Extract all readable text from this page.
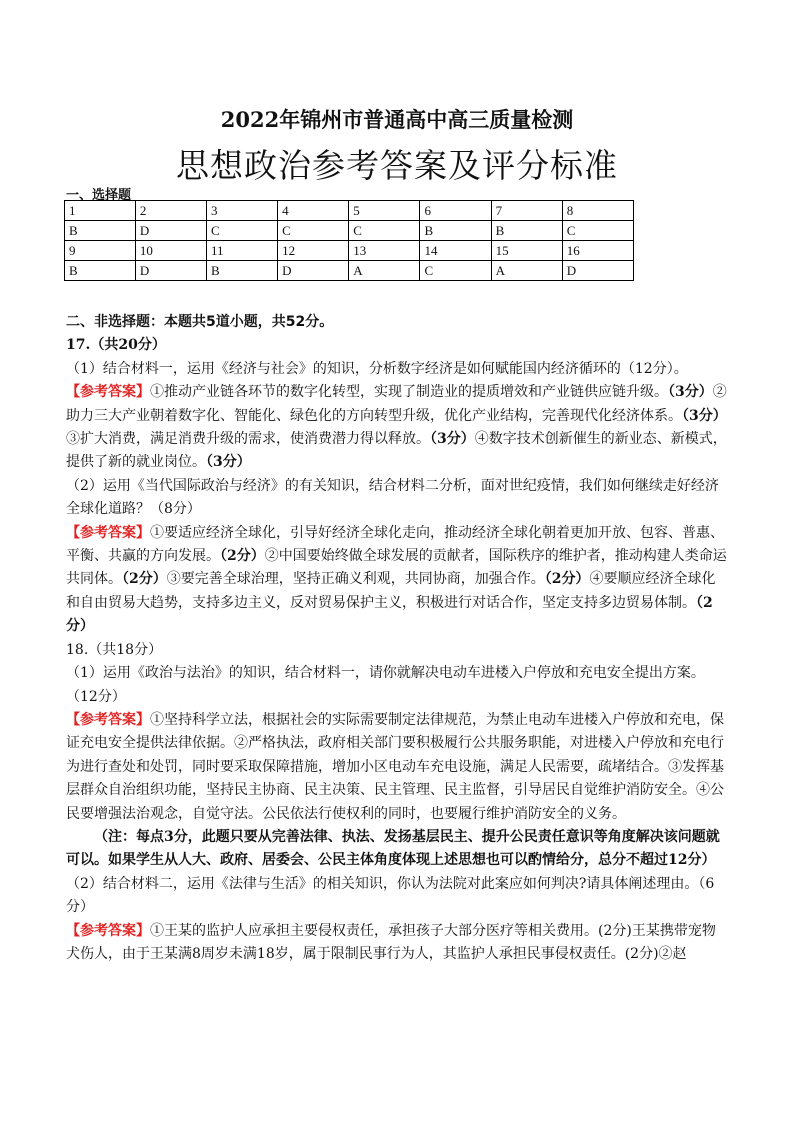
2022年锦州市普通高中高三质量检测
思想政治参考答案及评分标准
一、选择题
1	2	3	4	5	6	7	8
B	D	C	C	C	B	B	C
9	10	11	12	13	14	15	16
B	D	B	D	A	C	A	D

二、非选择题：本题共5道小题，共52分。

17.（共20分）

（1）结合材料一，运用《经济与社会》的知识，分析数字经济是如何赋能国内经济循环的（12分）。

【参考答案】①推动产业链各环节的数字化转型，实现了制造业的提质增效和产业链供应链升级。（3分）②助力三大产业朝着数字化、智能化、绿色化的方向转型升级，优化产业结构，完善现代化经济体系。（3分）③扩大消费，满足消费升级的需求，使消费潜力得以释放。（3分）④数字技术创新催生的新业态、新模式，提供了新的就业岗位。（3分）

（2）运用《当代国际政治与经济》的有关知识，结合材料二分析，面对世纪疫情，我们如何继续走好经济全球化道路？（8分）

【参考答案】①要适应经济全球化，引导好经济全球化走向，推动经济全球化朝着更加开放、包容、普惠、平衡、共赢的方向发展。（2分）②中国要始终做全球发展的贡献者，国际秩序的维护者，推动构建人类命运共同体。（2分）③要完善全球治理，坚持正确义利观，共同协商，加强合作。（2分）④要顺应经济全球化和自由贸易大趋势，支持多边主义，反对贸易保护主义，积极进行对话合作，坚定支持多边贸易体制。（2分）

18.（共18分）

（1）运用《政治与法治》的知识，结合材料一，请你就解决电动车进楼入户停放和充电安全提出方案。（12分）

【参考答案】①坚持科学立法，根据社会的实际需要制定法律规范，为禁止电动车进楼入户停放和充电，保证充电安全提供法律依据。②严格执法，政府相关部门要积极履行公共服务职能，对进楼入户停放和充电行为进行查处和处罚，同时要采取保障措施，增加小区电动车充电设施，满足人民需要，疏堵结合。③发挥基层群众自治组织功能，坚持民主协商、民主决策、民主管理、民主监督，引导居民自觉维护消防安全。④公民要增强法治观念，自觉守法。公民依法行使权利的同时，也要履行维护消防安全的义务。

（注：每点3分，此题只要从完善法律、执法、发扬基层民主、提升公民责任意识等角度解决该问题就可以。如果学生从人大、政府、居委会、公民主体角度体现上述思想也可以酌情给分，总分不超过12分）

（2）结合材料二，运用《法律与生活》的相关知识，你认为法院对此案应如何判决?请具体阐述理由。（6分）

【参考答案】①王某的监护人应承担主要侵权责任，承担孩子大部分医疗等相关费用。(2分)王某携带宠物犬伤人，由于王某满8周岁未满18岁，属于限制民事行为人，其监护人承担民事侵权责任。(2分)②赵
